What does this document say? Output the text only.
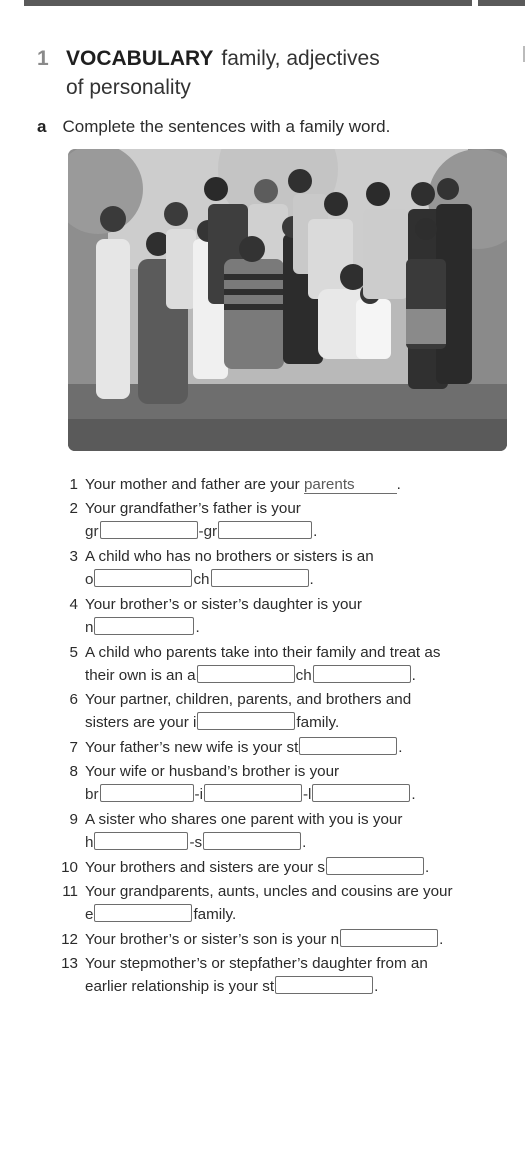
1 VOCABULARY family, adjectives
of personality
a Complete the sentences with a family word.
1 Your mother and father are your parents	.
2 Your grandfather’s father is your
gr	-gr	.
3 A child who has no brothers or sisters is an
o	ch	.
4 Your brother’s or sister’s daughter is your
n	.
5 A child who parents take into their family and treat as
their own is an a	ch	.
6 Your partner, children, parents, and brothers and
sisters are your i	family.
7 Your father’s new wife is your st	.
8 Your wife or husband’s brother is your
br	-i	-l	.
9 A sister who shares one parent with you is your
h	-s	.
10 Your brothers and sisters are your s	.
11 Your grandparents, aunts, uncles and cousins are your
e	family.
12 Your brother’s or sister’s son is your n	.
13 Your stepmother’s or stepfather’s daughter from an
earlier relationship is your st	.
